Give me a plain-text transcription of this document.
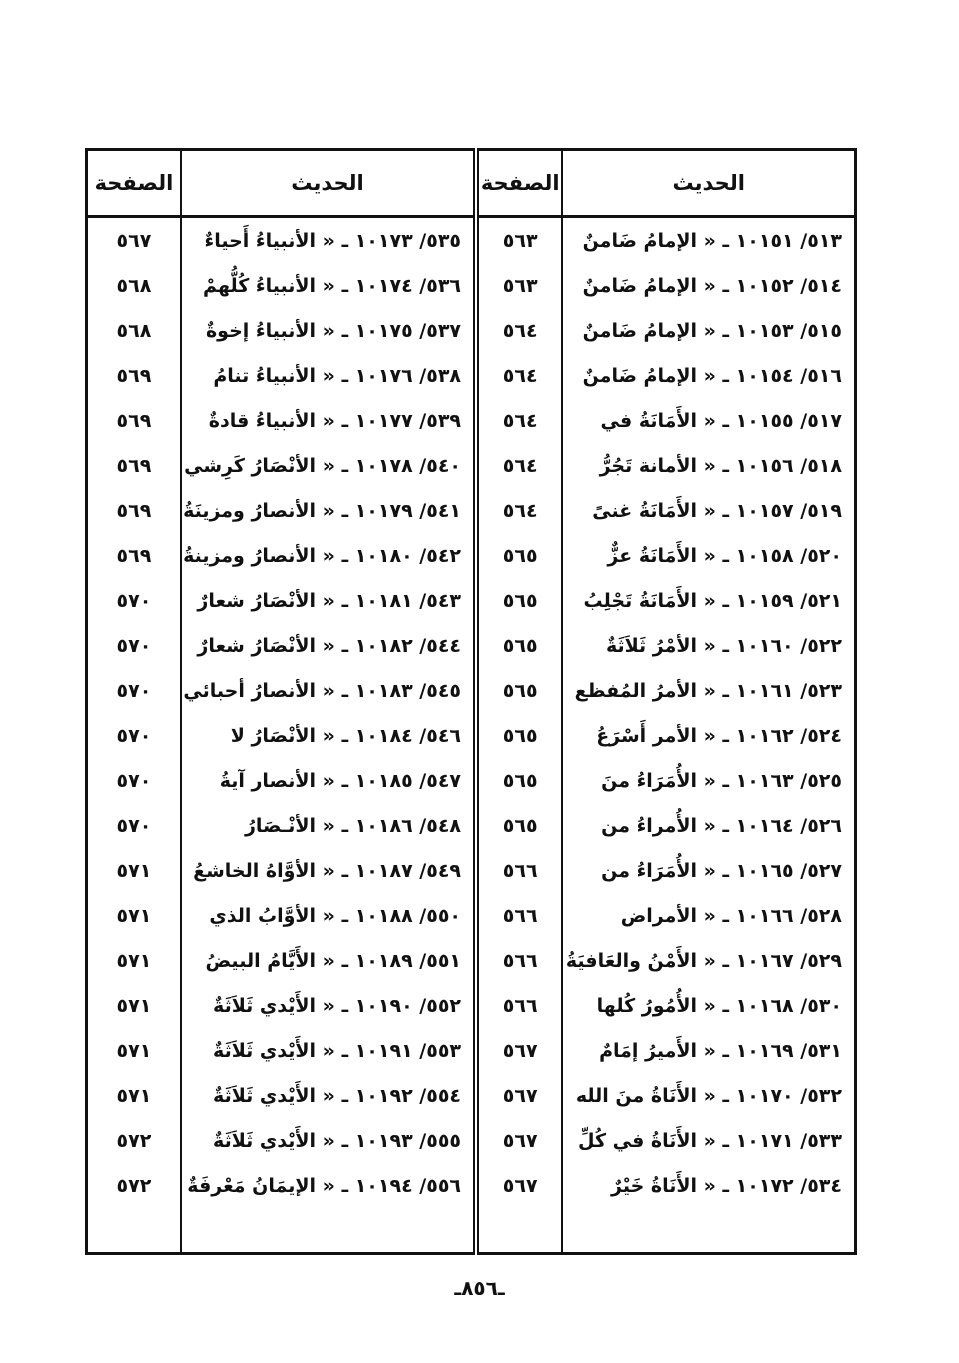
الحديث	الصفحة	الحديث	الصفحة
٥١٣/ ١٠١٥١ ـ « الإمامُ ضَامنٌ	٥٦٣	٥٣٥/ ١٠١٧٣ ـ « الأنبياءُ أَحياءٌ	٥٦٧
٥١٤/ ١٠١٥٢ ـ « الإمامُ ضَامنٌ	٥٦٣	٥٣٦/ ١٠١٧٤ ـ « الأنبياءُ كُلُّهمْ	٥٦٨
٥١٥/ ١٠١٥٣ ـ « الإمامُ ضَامنٌ	٥٦٤	٥٣٧/ ١٠١٧٥ ـ « الأنبياءُ إخوةٌ	٥٦٨
٥١٦/ ١٠١٥٤ ـ « الإمامُ ضَامنٌ	٥٦٤	٥٣٨/ ١٠١٧٦ ـ « الأنبياءُ تنامُ	٥٦٩
٥١٧/ ١٠١٥٥ ـ « الأَمَانَةُ في	٥٦٤	٥٣٩/ ١٠١٧٧ ـ « الأنبياءُ قادةٌ	٥٦٩
٥١٨/ ١٠١٥٦ ـ « الأمانة تَجُرُّ	٥٦٤	٥٤٠/ ١٠١٧٨ ـ « الأنْصَارُ كَرِشي	٥٦٩
٥١٩/ ١٠١٥٧ ـ « الأَمَانَةُ غنىً	٥٦٤	٥٤١/ ١٠١٧٩ ـ « الأنصارُ ومزينَةُ	٥٦٩
٥٢٠/ ١٠١٥٨ ـ « الأَمَانَةُ عزٌّ	٥٦٥	٥٤٢/ ١٠١٨٠ ـ « الأنصارُ ومزينةُ	٥٦٩
٥٢١/ ١٠١٥٩ ـ « الأَمَانَةُ تَجْلِبُ	٥٦٥	٥٤٣/ ١٠١٨١ ـ « الأنْصَارُ شعارٌ	٥٧٠
٥٢٢/ ١٠١٦٠ ـ « الأمْرُ ثَلاَثَةٌ	٥٦٥	٥٤٤/ ١٠١٨٢ ـ « الأنْصَارُ شعارٌ	٥٧٠
٥٢٣/ ١٠١٦١ ـ « الأمرُ المُفظع	٥٦٥	٥٤٥/ ١٠١٨٣ ـ « الأنصارُ أحبائي	٥٧٠
٥٢٤/ ١٠١٦٢ ـ « الأمر أَسْرَعُ	٥٦٥	٥٤٦/ ١٠١٨٤ ـ « الأنْصَارُ لا	٥٧٠
٥٢٥/ ١٠١٦٣ ـ « الأُمَرَاءُ منَ	٥٦٥	٥٤٧/ ١٠١٨٥ ـ « الأنصار آيةُ	٥٧٠
٥٢٦/ ١٠١٦٤ ـ « الأُمراءُ من	٥٦٥	٥٤٨/ ١٠١٨٦ ـ « الأنْـصَارُ	٥٧٠
٥٢٧/ ١٠١٦٥ ـ « الأُمَرَاءُ من	٥٦٦	٥٤٩/ ١٠١٨٧ ـ « الأوَّاهُ الخاشعُ	٥٧١
٥٢٨/ ١٠١٦٦ ـ « الأمراض	٥٦٦	٥٥٠/ ١٠١٨٨ ـ « الأوَّابُ الذي	٥٧١
٥٢٩/ ١٠١٦٧ ـ « الأَمْنُ والعَافيَةُ	٥٦٦	٥٥١/ ١٠١٨٩ ـ « الأَيَّامُ البيضُ	٥٧١
٥٣٠/ ١٠١٦٨ ـ « الأُمُورُ كُلها	٥٦٦	٥٥٢/ ١٠١٩٠ ـ « الأَيْدي ثَلاَثَةٌ	٥٧١
٥٣١/ ١٠١٦٩ ـ « الأَميرُ إمَامٌ	٥٦٧	٥٥٣/ ١٠١٩١ ـ « الأَيْدي ثَلاَثَةٌ	٥٧١
٥٣٢/ ١٠١٧٠ ـ « الأَنَاةُ منَ الله	٥٦٧	٥٥٤/ ١٠١٩٢ ـ « الأَيْدي ثَلاَثَةٌ	٥٧١
٥٣٣/ ١٠١٧١ ـ « الأَنَاةُ في كُلِّ	٥٦٧	٥٥٥/ ١٠١٩٣ ـ « الأَيْدي ثَلاَثَةٌ	٥٧٢
٥٣٤/ ١٠١٧٢ ـ « الأَنَاةُ خَيْرٌ	٥٦٧	٥٥٦/ ١٠١٩٤ ـ « الإيمَانُ مَعْرفَةٌ	٥٧٢

ـ٨٥٦ـ
